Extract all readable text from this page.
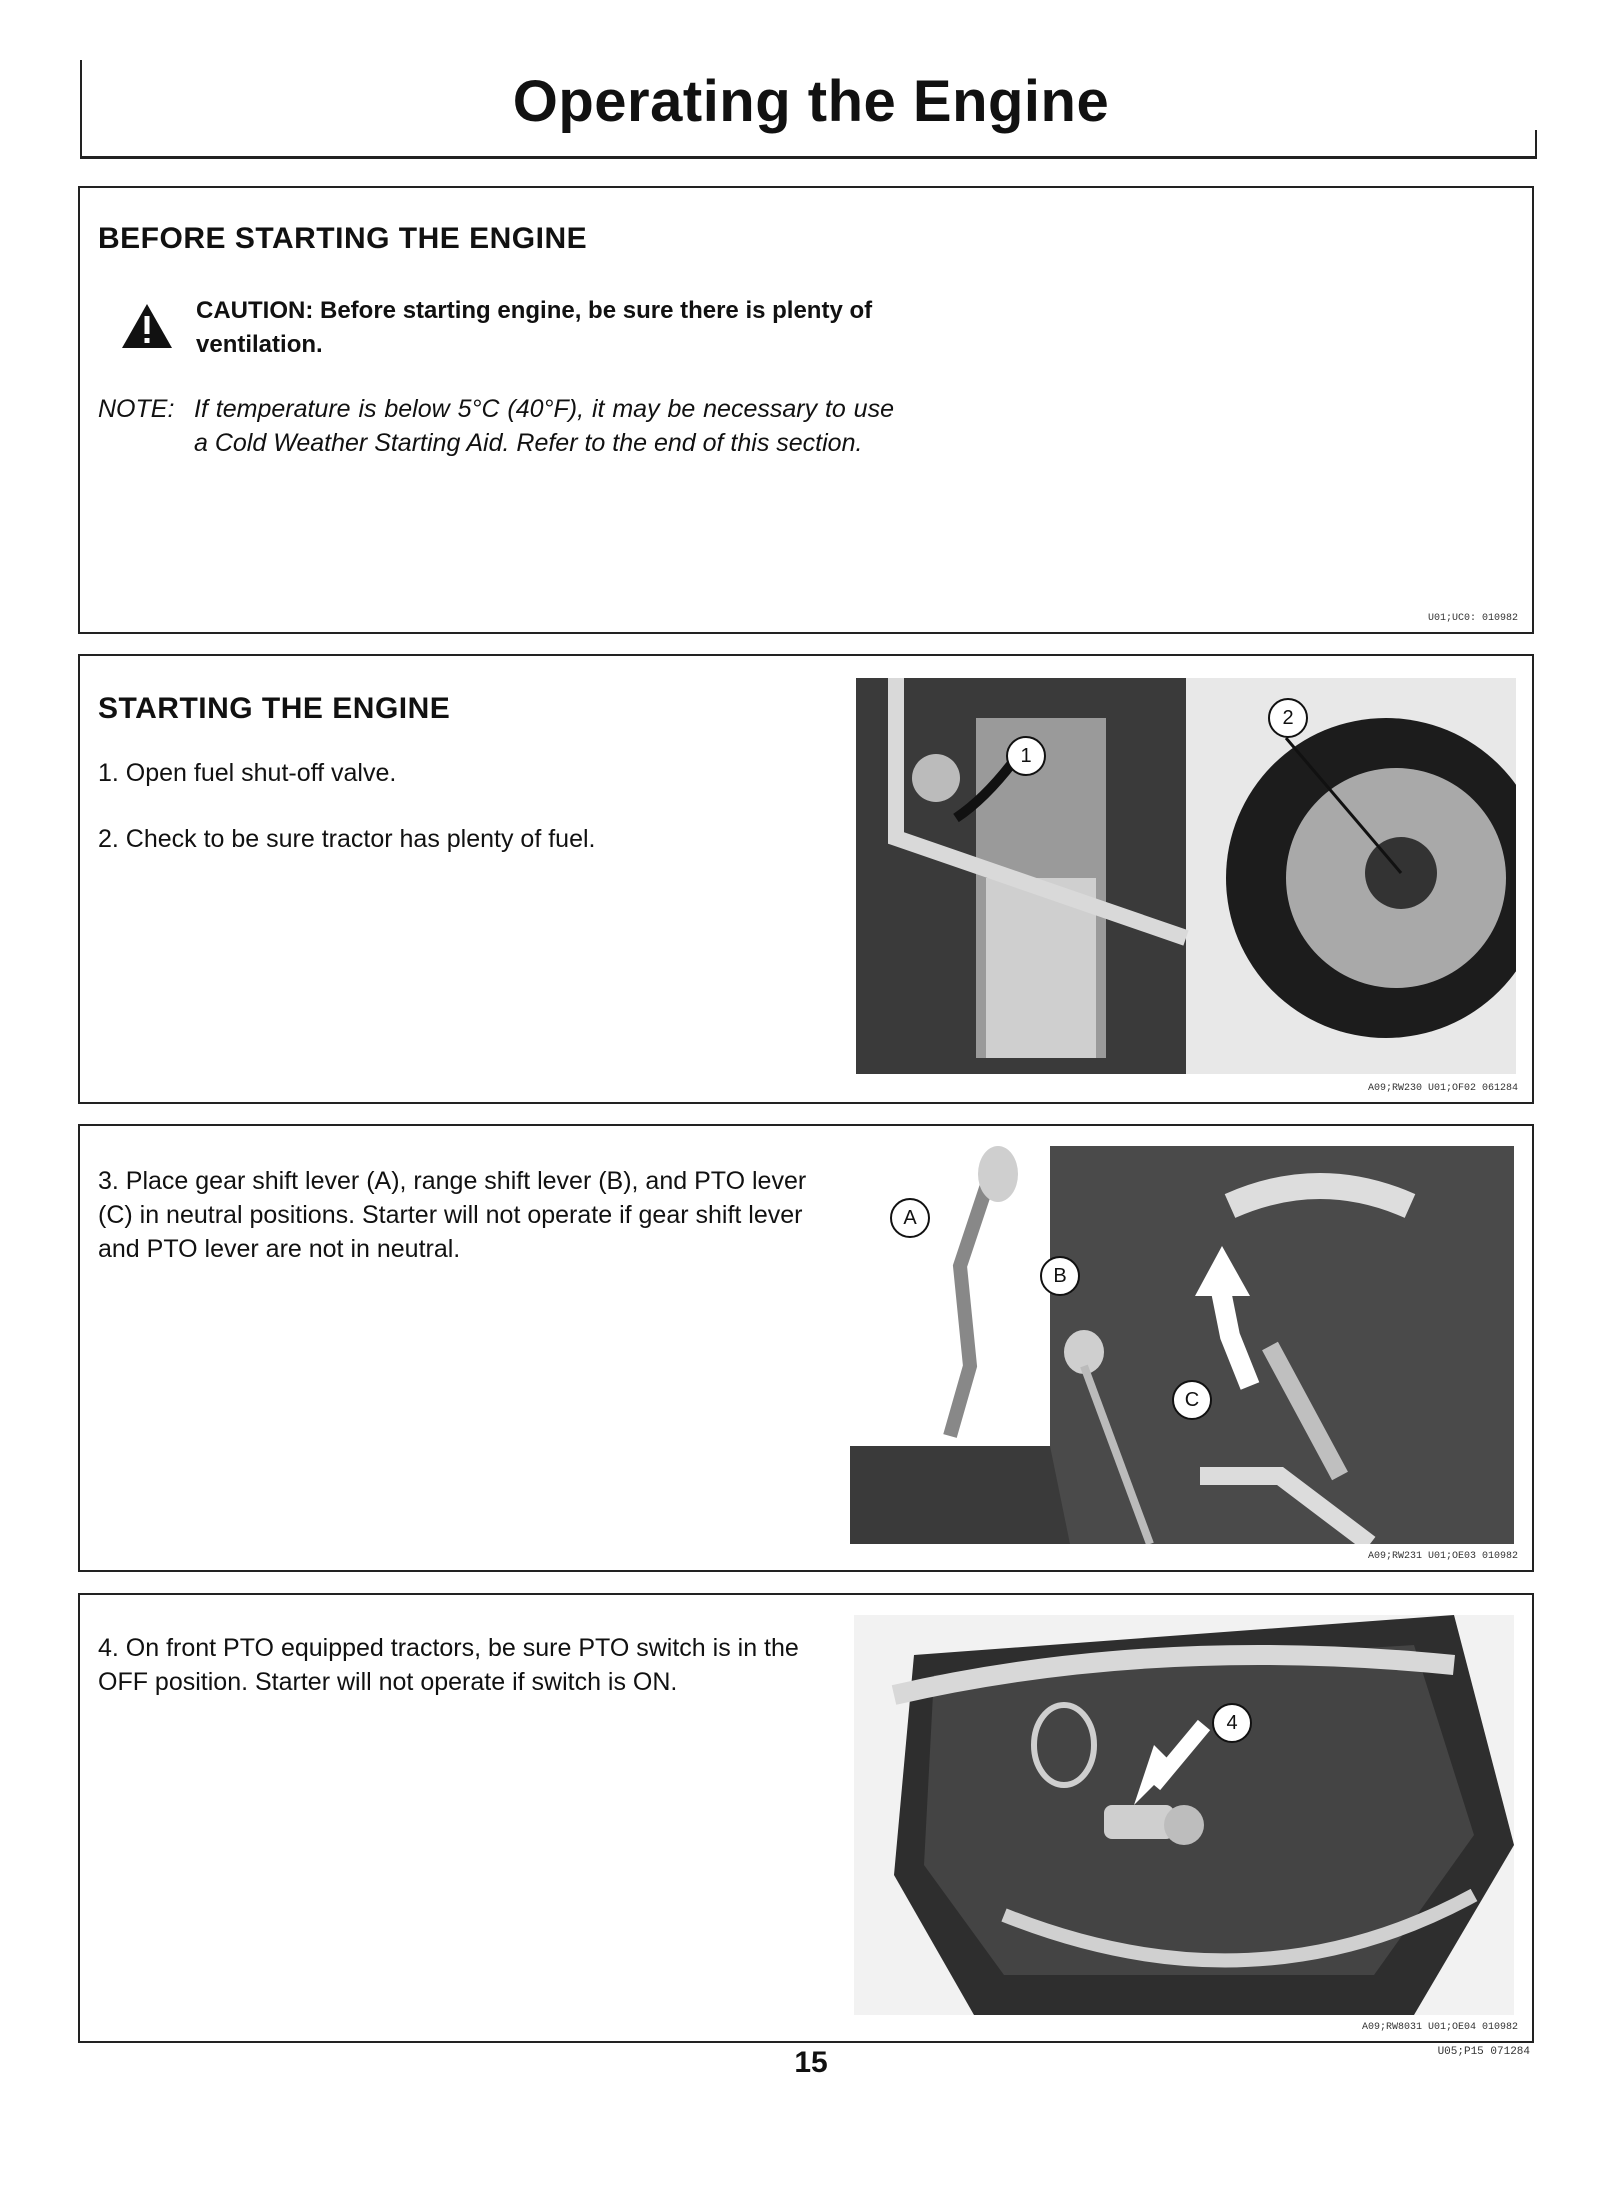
Operating the Engine
BEFORE STARTING THE ENGINE
CAUTION: Before starting engine, be sure there is plenty of ventilation.
NOTE: If temperature is below 5°C (40°F), it may be necessary to use a Cold Weather Starting Aid. Refer to the end of this section.
U01;UC0: 010982
STARTING THE ENGINE
1. Open fuel shut-off valve.
2. Check to be sure tractor has plenty of fuel.
1
2
A09;RW230 U01;OF02 061284
3. Place gear shift lever (A), range shift lever (B), and PTO lever (C) in neutral positions. Starter will not operate if gear shift lever and PTO lever are not in neutral.
A
B
C
A09;RW231 U01;OE03 010982
4. On front PTO equipped tractors, be sure PTO switch is in the OFF position. Starter will not operate if switch is ON.
4
A09;RW8031 U01;OE04 010982
15	U05;P15 071284
